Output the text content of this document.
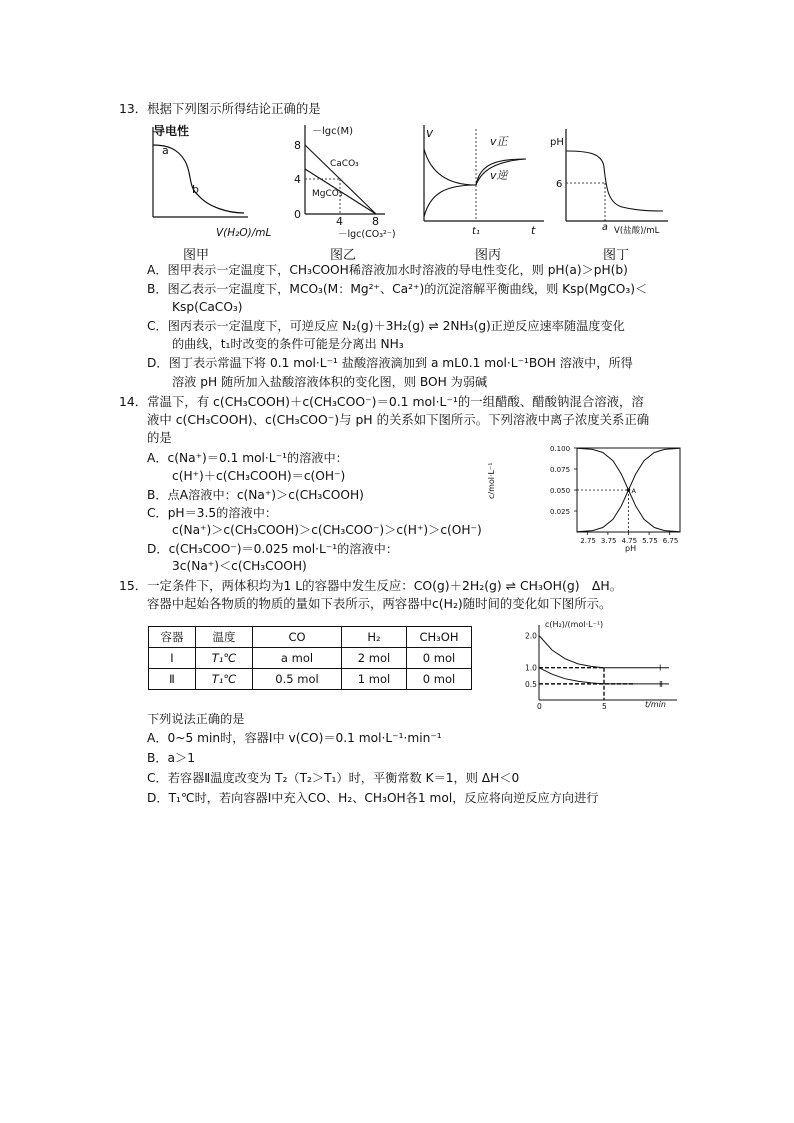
13．根据下列图示所得结论正确的是
导电性
a
b
V(H₂O)/mL
－lgc(M)
8
4
0
4	8
CaCO₃
MgCO₃
－lgc(CO₃²⁻)
v
v正
v逆
t₁	t
pH
6
a V(盐酸)/mL
图甲	图乙	图丙	图丁
A．图甲表示一定温度下，CH₃COOH稀溶液加水时溶液的导电性变化，则 pH(a)＞pH(b)
B．图乙表示一定温度下，MCO₃(M：Mg²⁺、Ca²⁺)的沉淀溶解平衡曲线，则 Ksp(MgCO₃)＜
Ksp(CaCO₃)
C．图丙表示一定温度下，可逆反应 N₂(g)＋3H₂(g) ⇌ 2NH₃(g)正逆反应速率随温度变化
的曲线，t₁时改变的条件可能是分离出 NH₃
D．图丁表示常温下将 0.1 mol·L⁻¹ 盐酸溶液滴加到 a mL0.1 mol·L⁻¹BOH 溶液中，所得
溶液 pH 随所加入盐酸溶液体积的变化图，则 BOH 为弱碱
14．常温下，有 c(CH₃COOH)＋c(CH₃COO⁻)＝0.1 mol·L⁻¹的一组醋酸、醋酸钠混合溶液，溶
液中 c(CH₃COOH)、c(CH₃COO⁻)与 pH 的关系如下图所示。下列溶液中离子浓度关系正确
的是
A．c(Na⁺)＝0.1 mol·L⁻¹的溶液中：
c(H⁺)＋c(CH₃COOH)＝c(OH⁻)
B．点A溶液中：c(Na⁺)＞c(CH₃COOH)
C．pH＝3.5的溶液中：
c(Na⁺)＞c(CH₃COOH)＞c(CH₃COO⁻)＞c(H⁺)＞c(OH⁻)
D．c(CH₃COO⁻)＝0.025 mol·L⁻¹的溶液中：
3c(Na⁺)＜c(CH₃COOH)
c/mol·L⁻¹
pH
2.75 3.75 4.75 5.75 6.75
0.025
0.050
0.075
0.100
A
15．一定条件下，两体积均为1 L的容器中发生反应：CO(g)＋2H₂(g) ⇌ CH₃OH(g)　ΔH。
容器中起始各物质的物质的量如下表所示，两容器中c(H₂)随时间的变化如下图所示。
容器	温度	CO	H₂	CH₃OH
Ⅰ	T₁℃	a mol	2 mol	0 mol
Ⅱ	T₁℃	0.5 mol	1 mol	0 mol
c(H₂)/(mol·L⁻¹)
t/min
Ⅰ
Ⅱ
0.5
1.0
2.0
0	5
下列说法正确的是
A．0~5 min时，容器Ⅰ中 v(CO)＝0.1 mol·L⁻¹·min⁻¹
B．a＞1
C．若容器Ⅱ温度改变为 T₂（T₂＞T₁）时，平衡常数 K＝1，则 ΔH＜0
D．T₁℃时，若向容器Ⅰ中充入CO、H₂、CH₃OH各1 mol，反应将向逆反应方向进行
